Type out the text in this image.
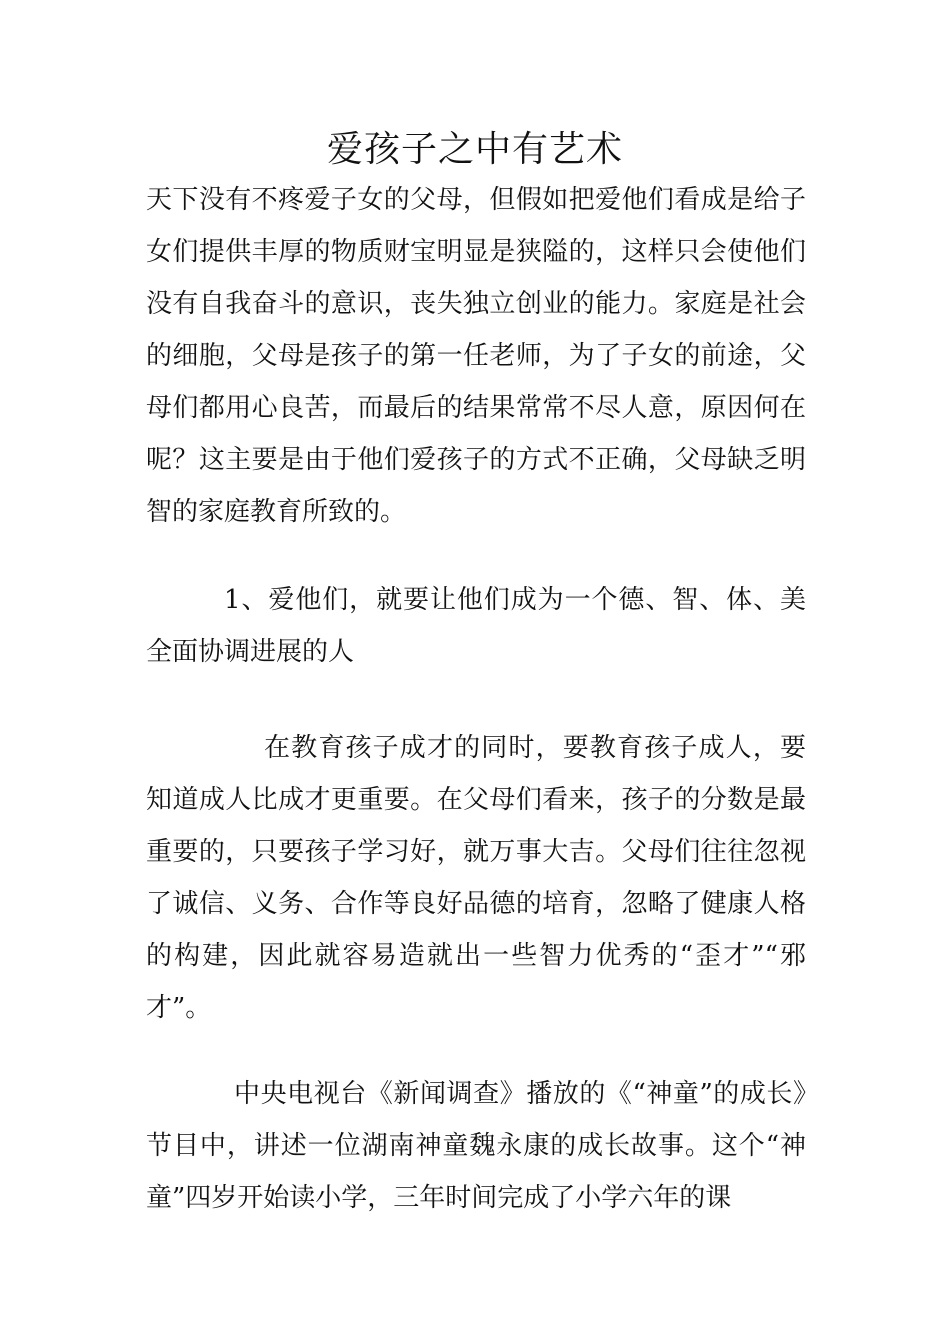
爱孩子之中有艺术
天下没有不疼爱子女的父母，但假如把爱他们看成是给子女们提供丰厚的物质财宝明显是狭隘的，这样只会使他们没有自我奋斗的意识，丧失独立创业的能力。家庭是社会的细胞，父母是孩子的第一任老师，为了子女的前途，父母们都用心良苦，而最后的结果常常不尽人意，原因何在呢？这主要是由于他们爱孩子的方式不正确，父母缺乏明智的家庭教育所致的。
1、爱他们，就要让他们成为一个德、智、体、美全面协调进展的人
在教育孩子成才的同时，要教育孩子成人，要知道成人比成才更重要。在父母们看来，孩子的分数是最重要的，只要孩子学习好，就万事大吉。父母们往往忽视了诚信、义务、合作等良好品德的培育，忽略了健康人格的构建，因此就容易造就出一些智力优秀的“歪才”“邪才”。
中央电视台《新闻调查》播放的《“神童”的成长》节目中，讲述一位湖南神童魏永康的成长故事。这个“神童”四岁开始读小学，三年时间完成了小学六年的课
